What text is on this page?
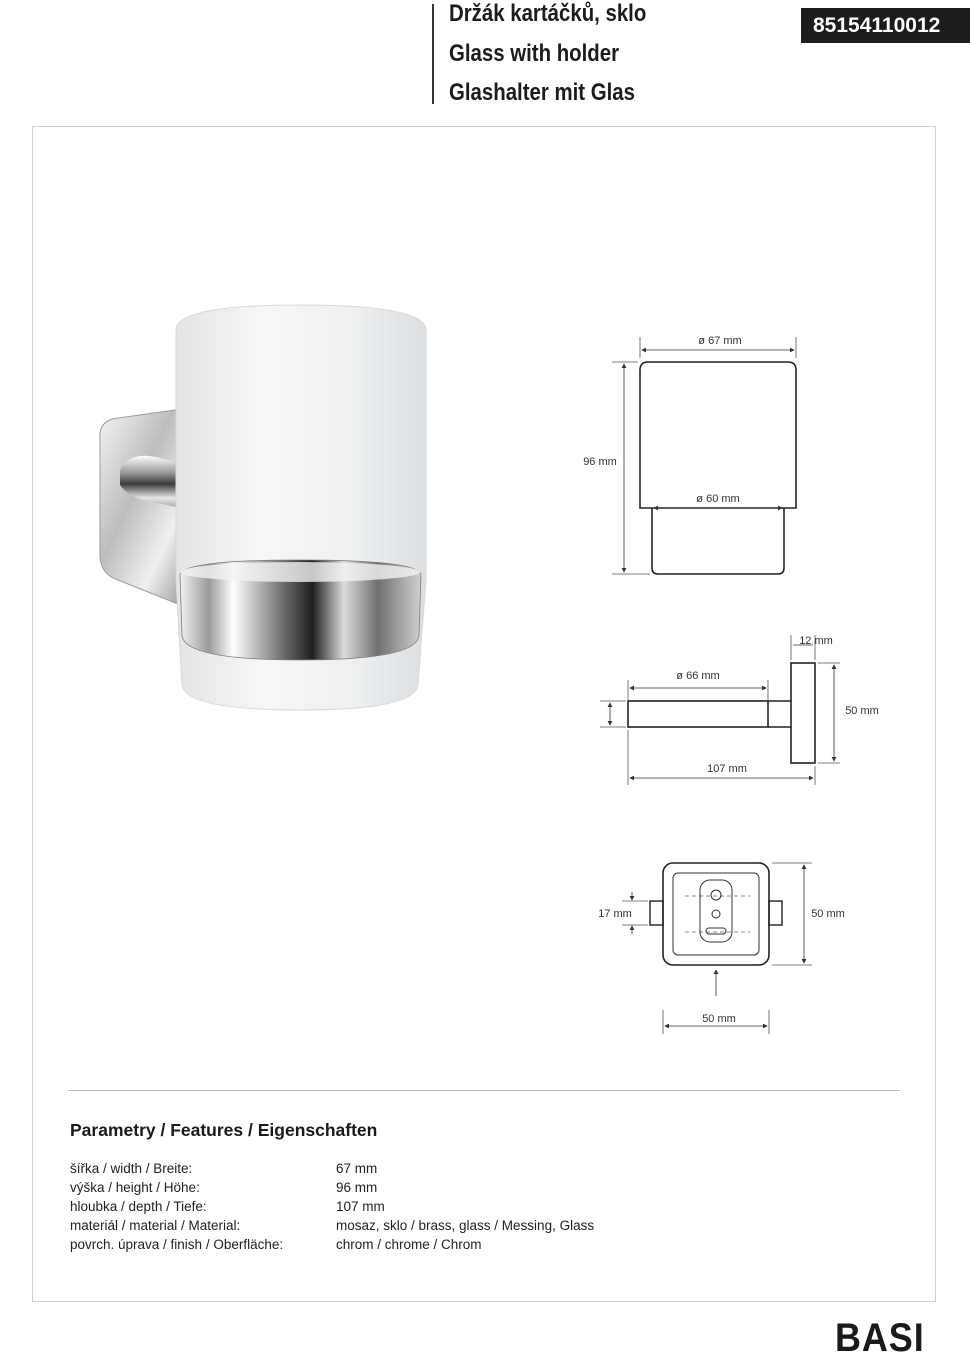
Držák kartáčků, sklo
Glass with holder
Glashalter mit Glas
85154110012
ø 67 mm
96 mm
ø 60 mm
12 mm
ø 66 mm
50 mm
107 mm
17 mm	50 mm
50 mm
Parametry / Features / Eigenschaften
šířka / width / Breite:	67 mm
výška / height / Höhe:	96 mm
hloubka / depth / Tiefe:	107 mm
materiál / material / Material:	mosaz, sklo / brass, glass / Messing, Glass
povrch. úprava / finish / Oberfläche:	chrom / chrome / Chrom
BASI
